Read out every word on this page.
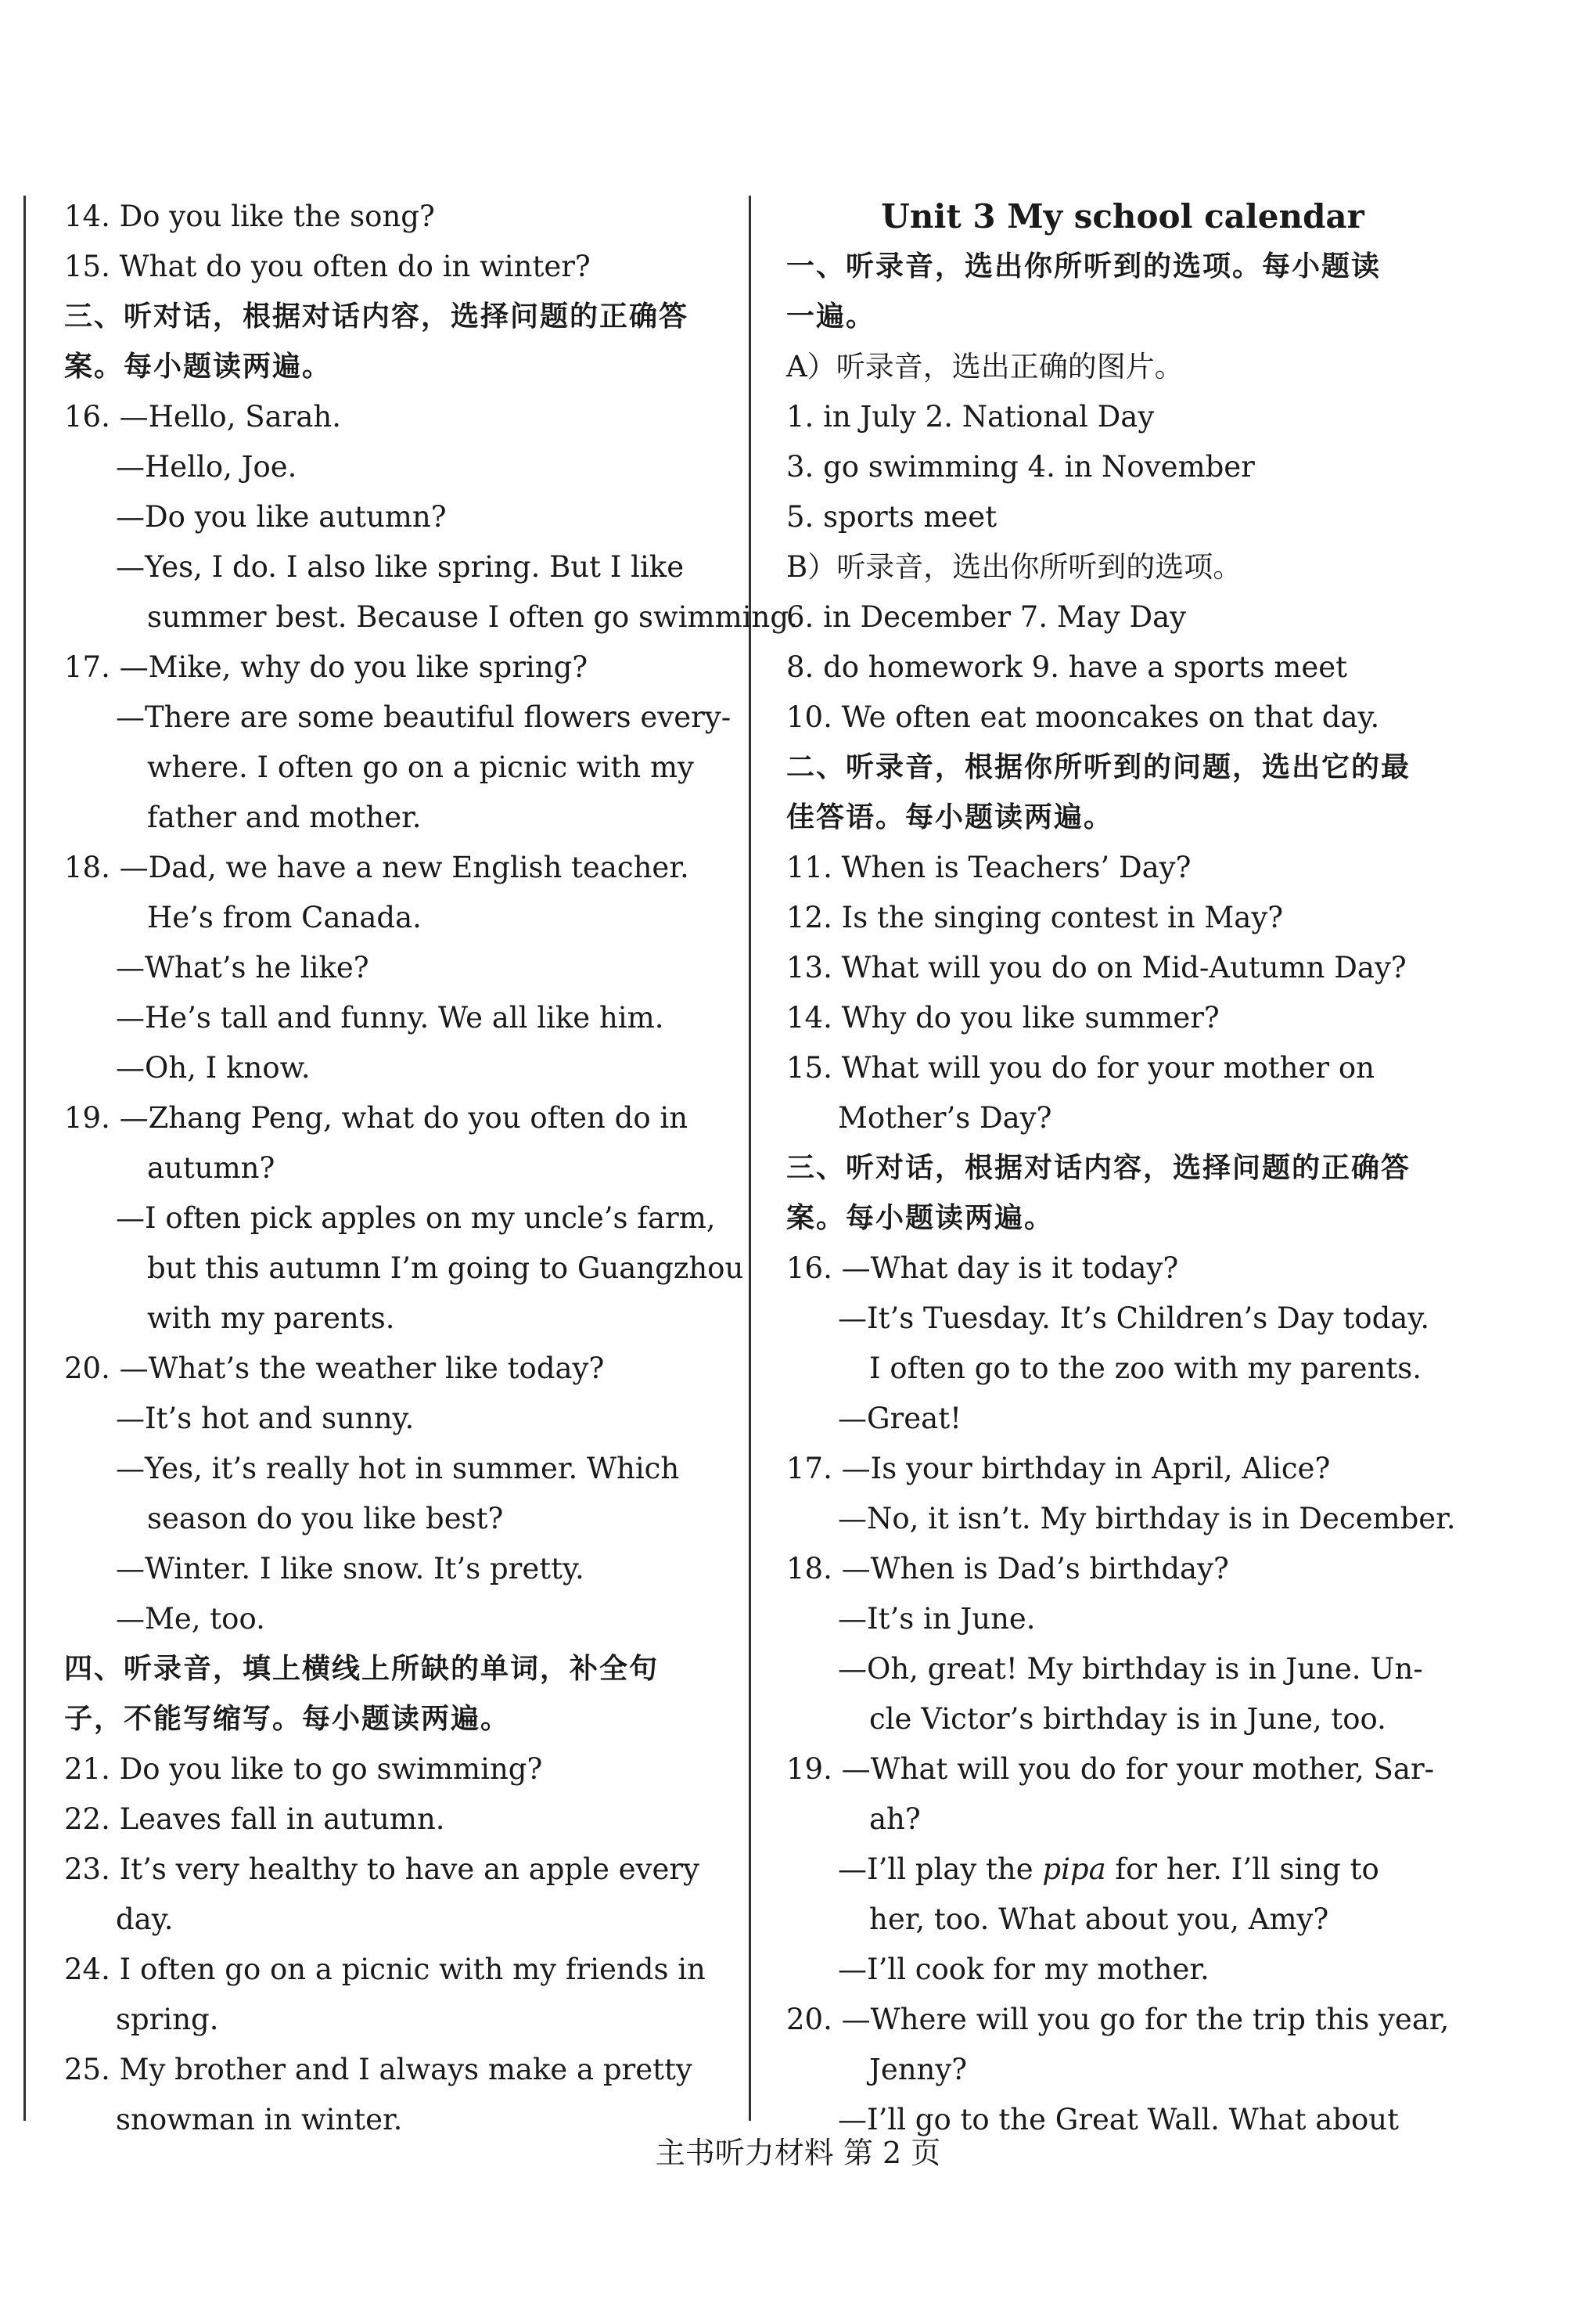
14. Do you like the song?
15. What do you often do in winter?
三、听对话，根据对话内容，选择问题的正确答
案。每小题读两遍。
16. —Hello, Sarah.
—Hello, Joe.
—Do you like autumn?
—Yes, I do. I also like spring. But I like
summer best. Because I often go swimming.
17. —Mike, why do you like spring?
—There are some beautiful flowers every-
where. I often go on a picnic with my
father and mother.
18. —Dad, we have a new English teacher.
He’s from Canada.
—What’s he like?
—He’s tall and funny. We all like him.
—Oh, I know.
19. —Zhang Peng, what do you often do in
autumn?
—I often pick apples on my uncle’s farm,
but this autumn I’m going to Guangzhou
with my parents.
20. —What’s the weather like today?
—It’s hot and sunny.
—Yes, it’s really hot in summer. Which
season do you like best?
—Winter. I like snow. It’s pretty.
—Me, too.
四、听录音，填上横线上所缺的单词，补全句
子，不能写缩写。每小题读两遍。
21. Do you like to go swimming?
22. Leaves fall in autumn.
23. It’s very healthy to have an apple every
day.
24. I often go on a picnic with my friends in
spring.
25. My brother and I always make a pretty
snowman in winter.
Unit 3 My school calendar
一、听录音，选出你所听到的选项。每小题读
一遍。
A）听录音，选出正确的图片。
1. in July 2. National Day
3. go swimming 4. in November
5. sports meet
B）听录音，选出你所听到的选项。
6. in December 7. May Day
8. do homework 9. have a sports meet
10. We often eat mooncakes on that day.
二、听录音，根据你所听到的问题，选出它的最
佳答语。每小题读两遍。
11. When is Teachers’ Day?
12. Is the singing contest in May?
13. What will you do on Mid-Autumn Day?
14. Why do you like summer?
15. What will you do for your mother on
Mother’s Day?
三、听对话，根据对话内容，选择问题的正确答
案。每小题读两遍。
16. —What day is it today?
—It’s Tuesday. It’s Children’s Day today.
I often go to the zoo with my parents.
—Great!
17. —Is your birthday in April, Alice?
—No, it isn’t. My birthday is in December.
18. —When is Dad’s birthday?
—It’s in June.
—Oh, great! My birthday is in June. Un-
cle Victor’s birthday is in June, too.
19. —What will you do for your mother, Sar-
ah?
—I’ll play the pipa for her. I’ll sing to
her, too. What about you, Amy?
—I’ll cook for my mother.
20. —Where will you go for the trip this year,
Jenny?
—I’ll go to the Great Wall. What about
主书听力材料 第 2 页
